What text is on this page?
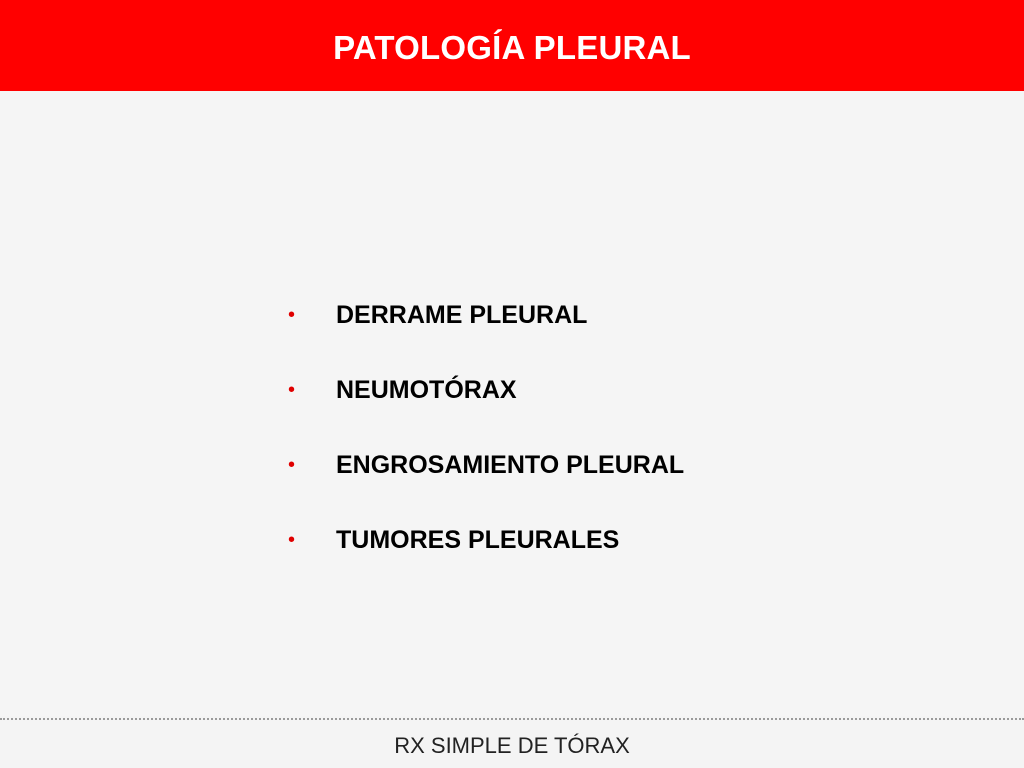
PATOLOGÍA PLEURAL
• DERRAME PLEURAL
• NEUMOTÓRAX
• ENGROSAMIENTO PLEURAL
• TUMORES PLEURALES
RX SIMPLE DE TÓRAX
